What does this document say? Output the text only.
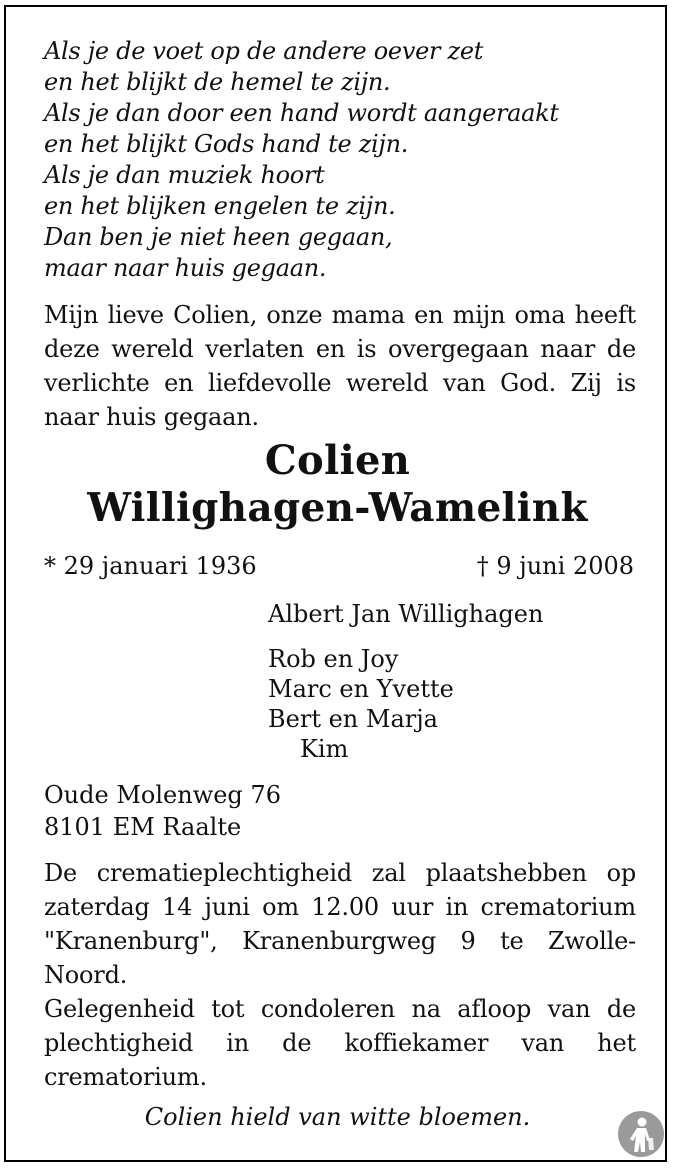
Als je de voet op de andere oever zet
en het blijkt de hemel te zijn.
Als je dan door een hand wordt aangeraakt
en het blijkt Gods hand te zijn.
Als je dan muziek hoort
en het blijken engelen te zijn.
Dan ben je niet heen gegaan,
maar naar huis gegaan.
Mijn lieve Colien, onze mama en mijn oma heeft deze wereld verlaten en is overgegaan naar de verlichte en liefdevolle wereld van God. Zij is naar huis gegaan.
Colien
Willighagen-Wamelink
* 29 januari 1936	† 9 juni 2008
Albert Jan Willighagen
Rob en Joy
Marc en Yvette
Bert en Marja
Kim
Oude Molenweg 76
8101 EM Raalte
De crematieplechtigheid zal plaatshebben op zaterdag 14 juni om 12.00 uur in crematorium "Kranenburg", Kranenburgweg 9 te Zwolle-Noord.
Gelegenheid tot condoleren na afloop van de plechtigheid in de koffiekamer van het crematorium.
Colien hield van witte bloemen.
